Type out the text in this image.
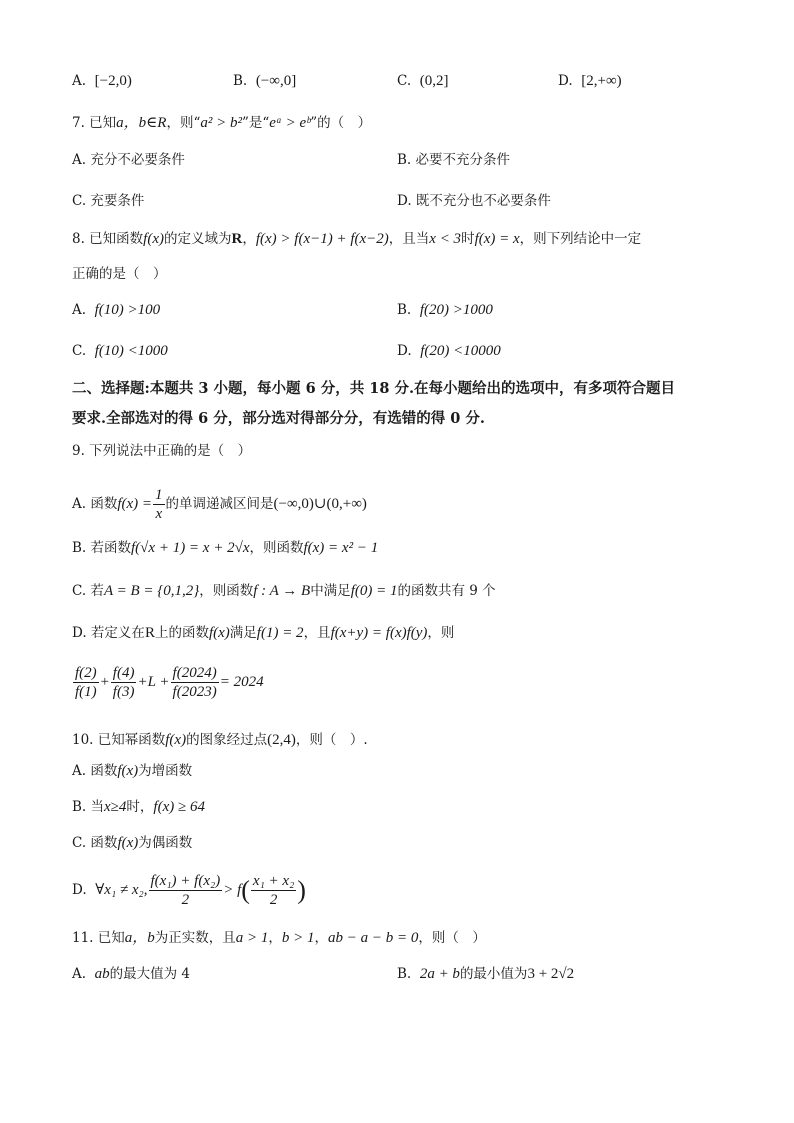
A. [−2,0)	B. (−∞,0]	C. (0,2]	D. [2,+∞)
7. 已知a，b∈R，则“a² > b²”是“eᵃ > eᵇ”的（　）
A. 充分不必要条件	B. 必要不充分条件
C. 充要条件	D. 既不充分也不必要条件
8. 已知函数f(x)的定义域为R，f(x) > f(x−1) + f(x−2)，且当x < 3时f(x) = x，则下列结论中一定
正确的是（　）
A. f(10) >100	B. f(20) >1000
C. f(10) <1000	D. f(20) <10000
二、选择题:本题共 3 小题，每小题 6 分，共 18 分.在每小题给出的选项中，有多项符合题目
要求.全部选对的得 6 分，部分选对得部分分，有选错的得 0 分.
9. 下列说法中正确的是（　）
A. 函数$f(x) = \frac{1}{x}$ 的单调递减区间是(−∞,0)∪(0,+∞)
B. 若函数f(√x + 1) = x + 2√x，则函数f(x) = x² − 1
C. 若A = B = {0,1,2}，则函数f : A → B中满足f(0) = 1的函数共有 9 个
D. 若定义在R上的函数f(x)满足f(1) = 2，且f(x+y) = f(x)f(y)，则
$\frac{f(2)}{f(1)} + \frac{f(4)}{f(3)} +L + \frac{f(2024)}{f(2023)} = 2024$
10. 已知幂函数f(x)的图象经过点(2,4)，则（　）.
A. 函数f(x)为增函数
B. 当x≥4时，f(x) ≥ 64
C. 函数f(x)为偶函数
D. ∀x₁ ≠ x₂, $\frac{\text{f(x₁) + f(x₂)}}{2} > f( \frac{\text{x₁ + x₂}}{2}$ )
11. 已知a，b为正实数，且a > 1，b > 1，ab − a − b = 0，则（　）
A. ab的最大值为 4	B. 2a + b的最小值为3 + 2√2
